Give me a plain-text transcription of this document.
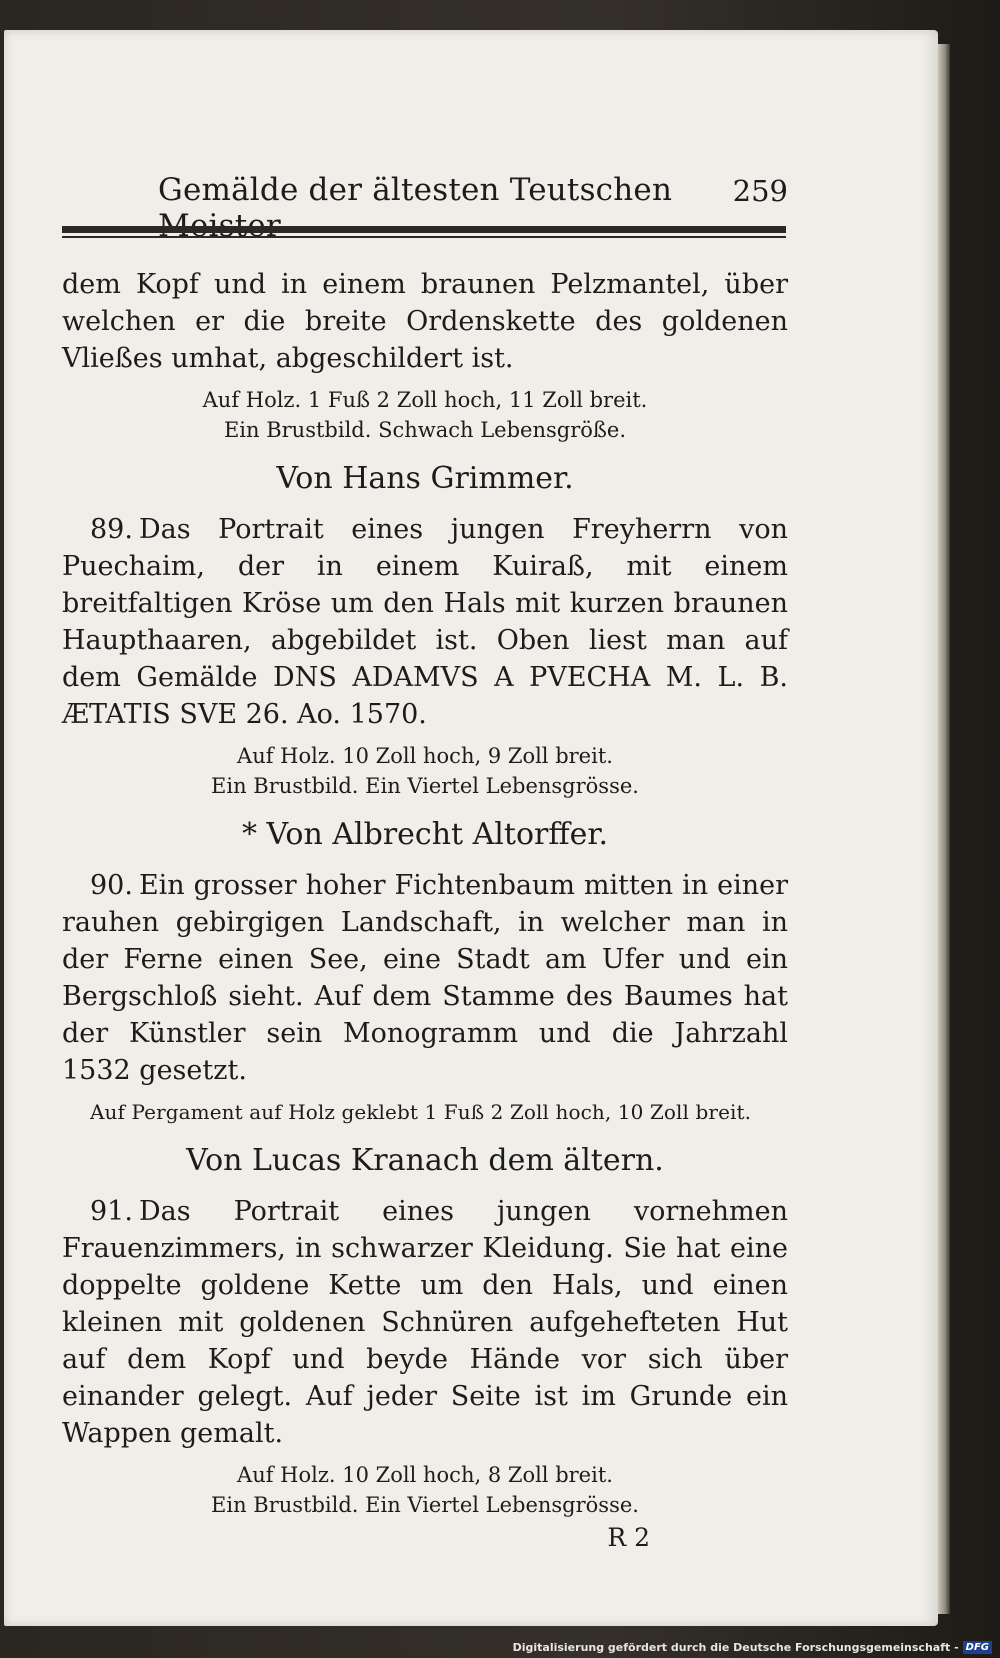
Gemälde der ältesten Teutschen	259

dem Kopf und in einem braunen Pelzmantel, über welchen er die breite Ordenskette des goldenen Vließes umhat, abgeschildert ist.

Auf Holz. 1 Fuß 2 Zoll hoch, 11 Zoll breit.

Ein Brustbild. Schwach Lebensgröße.

Von Hans Grimmer.

89. Das Portrait eines jungen Freyherrn von Puechaim, der in einem Kuiraß, mit einem breitfaltigen Kröse um den Hals mit kurzen braunen Haupthaaren, abgebildet ist. Oben liest man auf dem Gemälde DNS ADAMVS A PVECHA M. L. B. ÆTATIS SVE 26. Ao. 1570.

Auf Holz. 10 Zoll hoch, 9 Zoll breit.

Ein Brustbild. Ein Viertel Lebensgrösse.

* Von Albrecht Altorffer.

90. Ein grosser hoher Fichtenbaum mitten in einer rauhen gebirgigen Landschaft, in welcher man in der Ferne einen See, eine Stadt am Ufer und ein Bergschloß sieht. Auf dem Stamme des Baumes hat der Künstler sein Monogramm und die Jahrzahl 1532 gesetzt.

Auf Pergament auf Holz geklebt 1 Fuß 2 Zoll hoch, 10 Zoll breit.

Von Lucas Kranach dem ältern.

91. Das Portrait eines jungen vornehmen Frauenzimmers, in schwarzer Kleidung. Sie hat eine doppelte goldene Kette um den Hals, und einen kleinen mit goldenen Schnüren aufgehefteten Hut auf dem Kopf und beyde Hände vor sich über einander gelegt. Auf jeder Seite ist im Grunde ein Wappen gemalt.

Auf Holz. 10 Zoll hoch, 8 Zoll breit.

Ein Brustbild. Ein Viertel Lebensgrösse.

R 2

Digitalisierung gefördert durch die Deutsche Forschungsgemeinschaft - DFG
